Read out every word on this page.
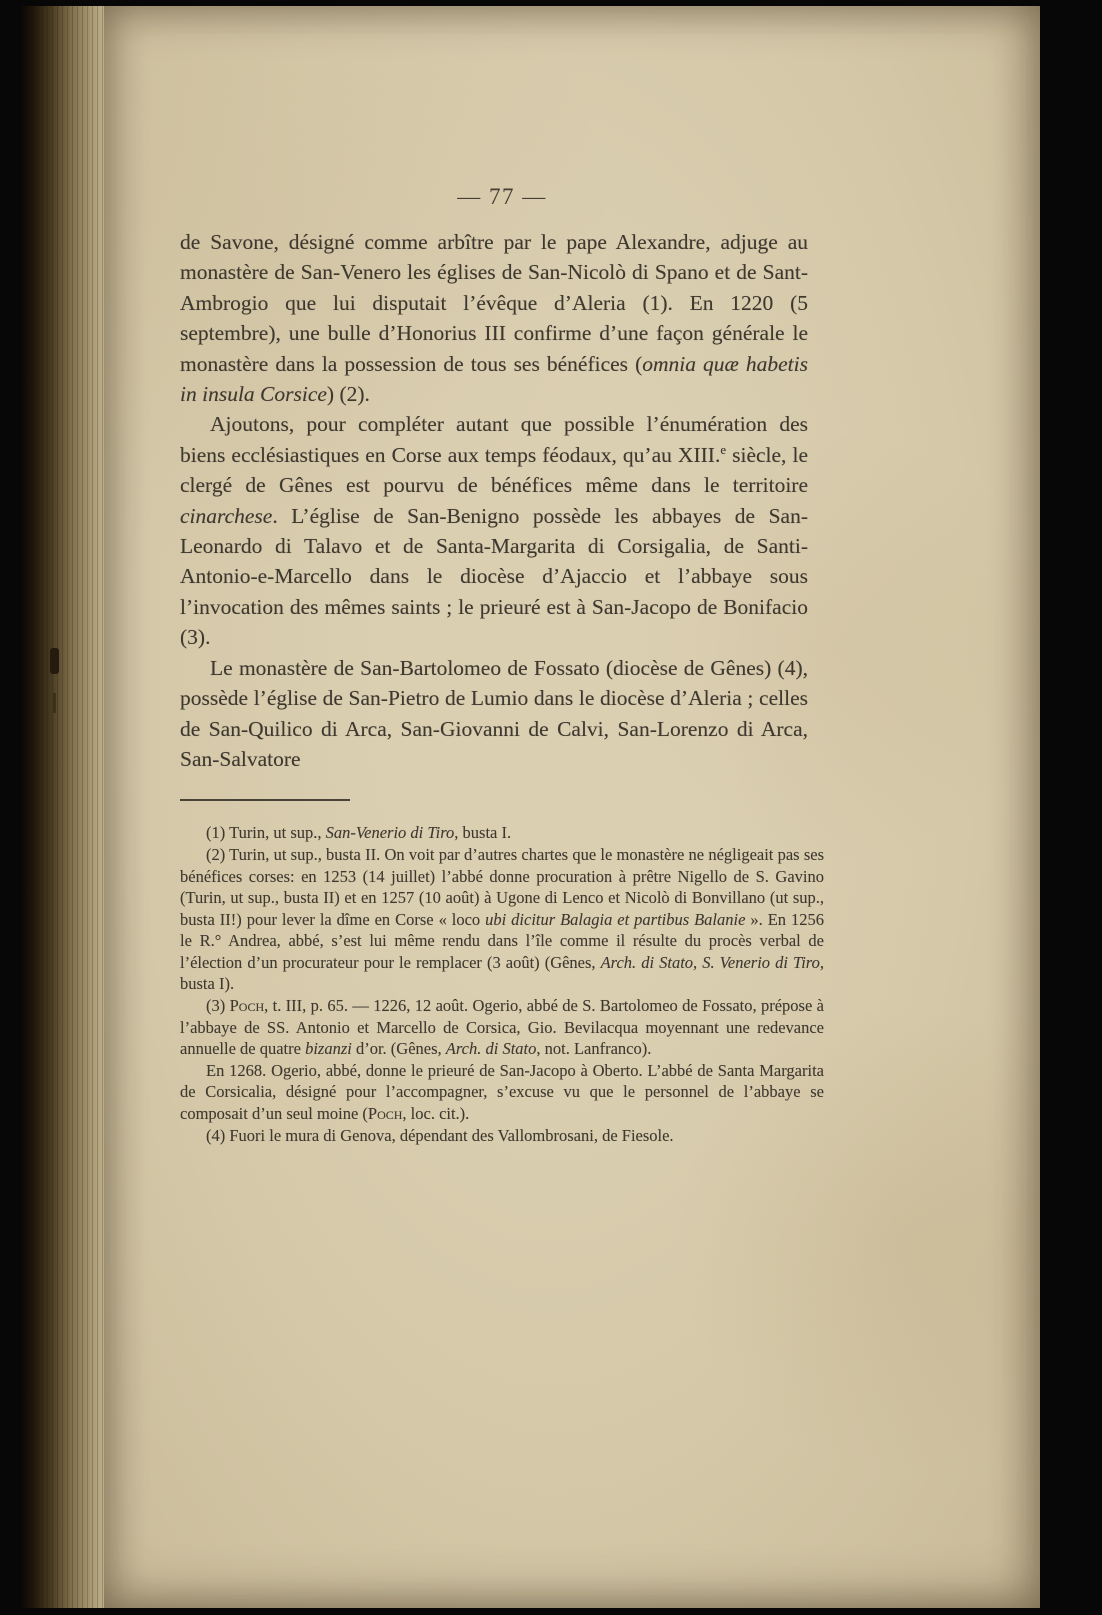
— 77 —

de Savone, désigné comme arbître par le pape Alexandre, adjuge au monastère de San-Venero les églises de San-Nicolò di Spano et de Sant-Ambrogio que lui disputait l’évêque d’Aleria (1). En 1220 (5 septembre), une bulle d’Honorius III confirme d’une façon générale le monastère dans la possession de tous ses bénéfices (omnia quæ habetis in insula Corsice) (2).

Ajoutons, pour compléter autant que possible l’énumération des biens ecclésiastiques en Corse aux temps féodaux, qu’au XIII.$^e$ siècle, le clergé de Gênes est pourvu de bénéfices même dans le territoire cinarchese. L’église de San-Benigno possède les abbayes de San-Leonardo di Talavo et de Santa-Margarita di Corsigalia, de Santi-Antonio-e-Marcello dans le diocèse d’Ajaccio et l’abbaye sous l’invocation des mêmes saints ; le prieuré est à San-Jacopo de Bonifacio (3).

Le monastère de San-Bartolomeo de Fossato (diocèse de Gênes) (4), possède l’église de San-Pietro de Lumio dans le diocèse d’Aleria ; celles de San-Quilico di Arca, San-Giovanni de Calvi, San-Lorenzo di Arca, San-Salvatore

(1) Turin, ut sup., San-Venerio di Tiro, busta I.

(2) Turin, ut sup., busta II. On voit par d’autres chartes que le monastère ne négligeait pas ses bénéfices corses: en 1253 (14 juillet) l’abbé donne procuration à prêtre Nigello de S. Gavino (Turin, ut sup., busta II) et en 1257 (10 août) à Ugone di Lenco et Nicolò di Bonvillano (ut sup., busta II!) pour lever la dîme en Corse « loco ubi dicitur Balagia et partibus Balanie ». En 1256 le R.° Andrea, abbé, s’est lui même rendu dans l’île comme il résulte du procès verbal de l’élection d’un procurateur pour le remplacer (3 août) (Gênes, Arch. di Stato, S. Venerio di Tiro, busta I).

(3) Poch, t. III, p. 65. — 1226, 12 août. Ogerio, abbé de S. Bartolomeo de Fossato, prépose à l’abbaye de SS. Antonio et Marcello de Corsica, Gio. Bevilacqua moyennant une redevance annuelle de quatre bizanzi d’or. (Gênes, Arch. di Stato, not. Lanfranco).

En 1268. Ogerio, abbé, donne le prieuré de San-Jacopo à Oberto. L’abbé de Santa Margarita de Corsicalia, désigné pour l’accompagner, s’excuse vu que le personnel de l’abbaye se composait d’un seul moine (Poch, loc. cit.).

(4) Fuori le mura di Genova, dépendant des Vallombrosani, de Fiesole.
